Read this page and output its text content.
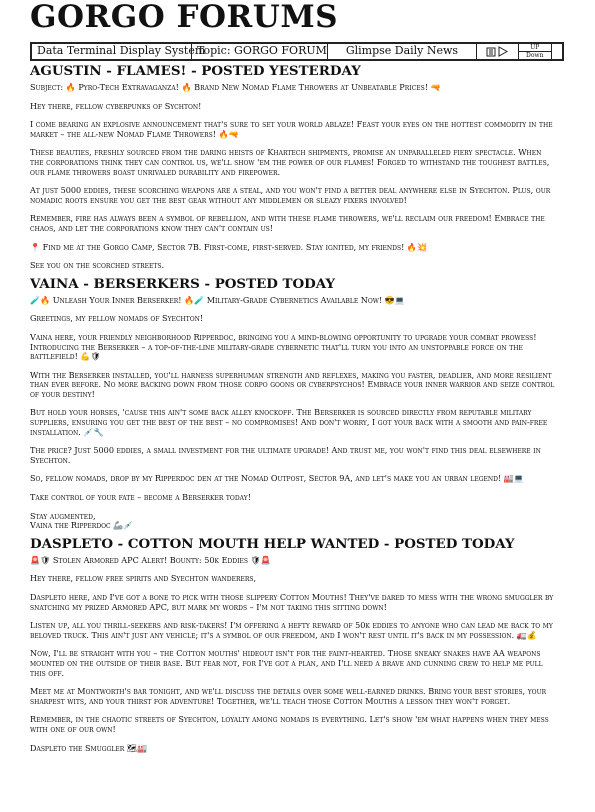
GORGO FORUMS
Data Terminal Display System
Topic: GORGO FORUM	Glimpse Daily News	UP
Down
AGUSTIN - FLAMES! - POSTED YESTERDAY

Subject: 🔥 Pyro-Tech Extravaganza! 🔥 Brand New Nomad Flame Throwers at Unbeatable Prices! 🔫

Hey there, fellow cyberpunks of Sychton!

I come bearing an explosive announcement that's sure to set your world ablaze! Feast your eyes on the hottest commodity in the market – the all-new Nomad Flame Throwers! 🔥🔫

These beauties, freshly sourced from the daring heists of Khartech shipments, promise an unparalleled fiery spectacle. When the corporations think they can control us, we'll show 'em the power of our flames! Forged to withstand the toughest battles, our flame throwers boast unrivaled durability and firepower.

At just 5000 eddies, these scorching weapons are a steal, and you won't find a better deal anywhere else in Syechton. Plus, our nomadic roots ensure you get the best gear without any middlemen or sleazy fixers involved!

Remember, fire has always been a symbol of rebellion, and with these flame throwers, we'll reclaim our freedom! Embrace the chaos, and let the corporations know they can't contain us!

📍 Find me at the Gorgo Camp, Sector 7B. First-come, first-served. Stay ignited, my friends! 🔥💥

See you on the scorched streets.

VAINA - BERSERKERS - POSTED TODAY

🧪🔥 Unleash Your Inner Berserker! 🔥🧪 Military-Grade Cybernetics Available Now! 😎💻

Greetings, my fellow nomads of Syechton!

Vaina here, your friendly neighborhood Ripperdoc, bringing you a mind-blowing opportunity to upgrade your combat prowess! Introducing the Berserker – a top-of-the-line military-grade cybernetic that'll turn you into an unstoppable force on the battlefield! 💪🛡

With the Berserker installed, you'll harness superhuman strength and reflexes, making you faster, deadlier, and more resilient than ever before. No more backing down from those corpo goons or cyberpsychos! Embrace your inner warrior and seize control of your destiny!

But hold your horses, 'cause this ain't some back alley knockoff. The Berserker is sourced directly from reputable military suppliers, ensuring you get the best of the best – no compromises! And don't worry, I got your back with a smooth and pain-free installation. 💉🔧

The price? Just 5000 eddies, a small investment for the ultimate upgrade! And trust me, you won't find this deal elsewhere in Syechton.

So, fellow nomads, drop by my Ripperdoc den at the Nomad Outpost, Sector 9A, and let's make you an urban legend! 🏭💻

Take control of your fate – become a Berserker today!

Stay augmented,

Vaina the Ripperdoc 🦾💉

DASPLETO - COTTON MOUTH HELP WANTED - POSTED TODAY

🚨🛡 Stolen Armored APC Alert! Bounty: 50k Eddies 🛡🚨

Hey there, fellow free spirits and Syechton wanderers,

Daspleto here, and I've got a bone to pick with those slippery Cotton Mouths! They've dared to mess with the wrong smuggler by snatching my prized Armored APC, but mark my words – I'm not taking this sitting down!

Listen up, all you thrill-seekers and risk-takers! I'm offering a hefty reward of 50k eddies to anyone who can lead me back to my beloved truck. This ain't just any vehicle; it's a symbol of our freedom, and I won't rest until it's back in my possession. 🚛💰

Now, I'll be straight with you – the Cotton mouths' hideout isn't for the faint-hearted. Those sneaky snakes have AA weapons mounted on the outside of their base. But fear not, for I've got a plan, and I'll need a brave and cunning crew to help me pull this off.

Meet me at Montworth's bar tonight, and we'll discuss the details over some well-earned drinks. Bring your best stories, your sharpest wits, and your thirst for adventure! Together, we'll teach those Cotton Mouths a lesson they won't forget.

Remember, in the chaotic streets of Syechton, loyalty among nomads is everything. Let's show 'em what happens when they mess with one of our own!

Daspleto the Smuggler 🗺🏭
